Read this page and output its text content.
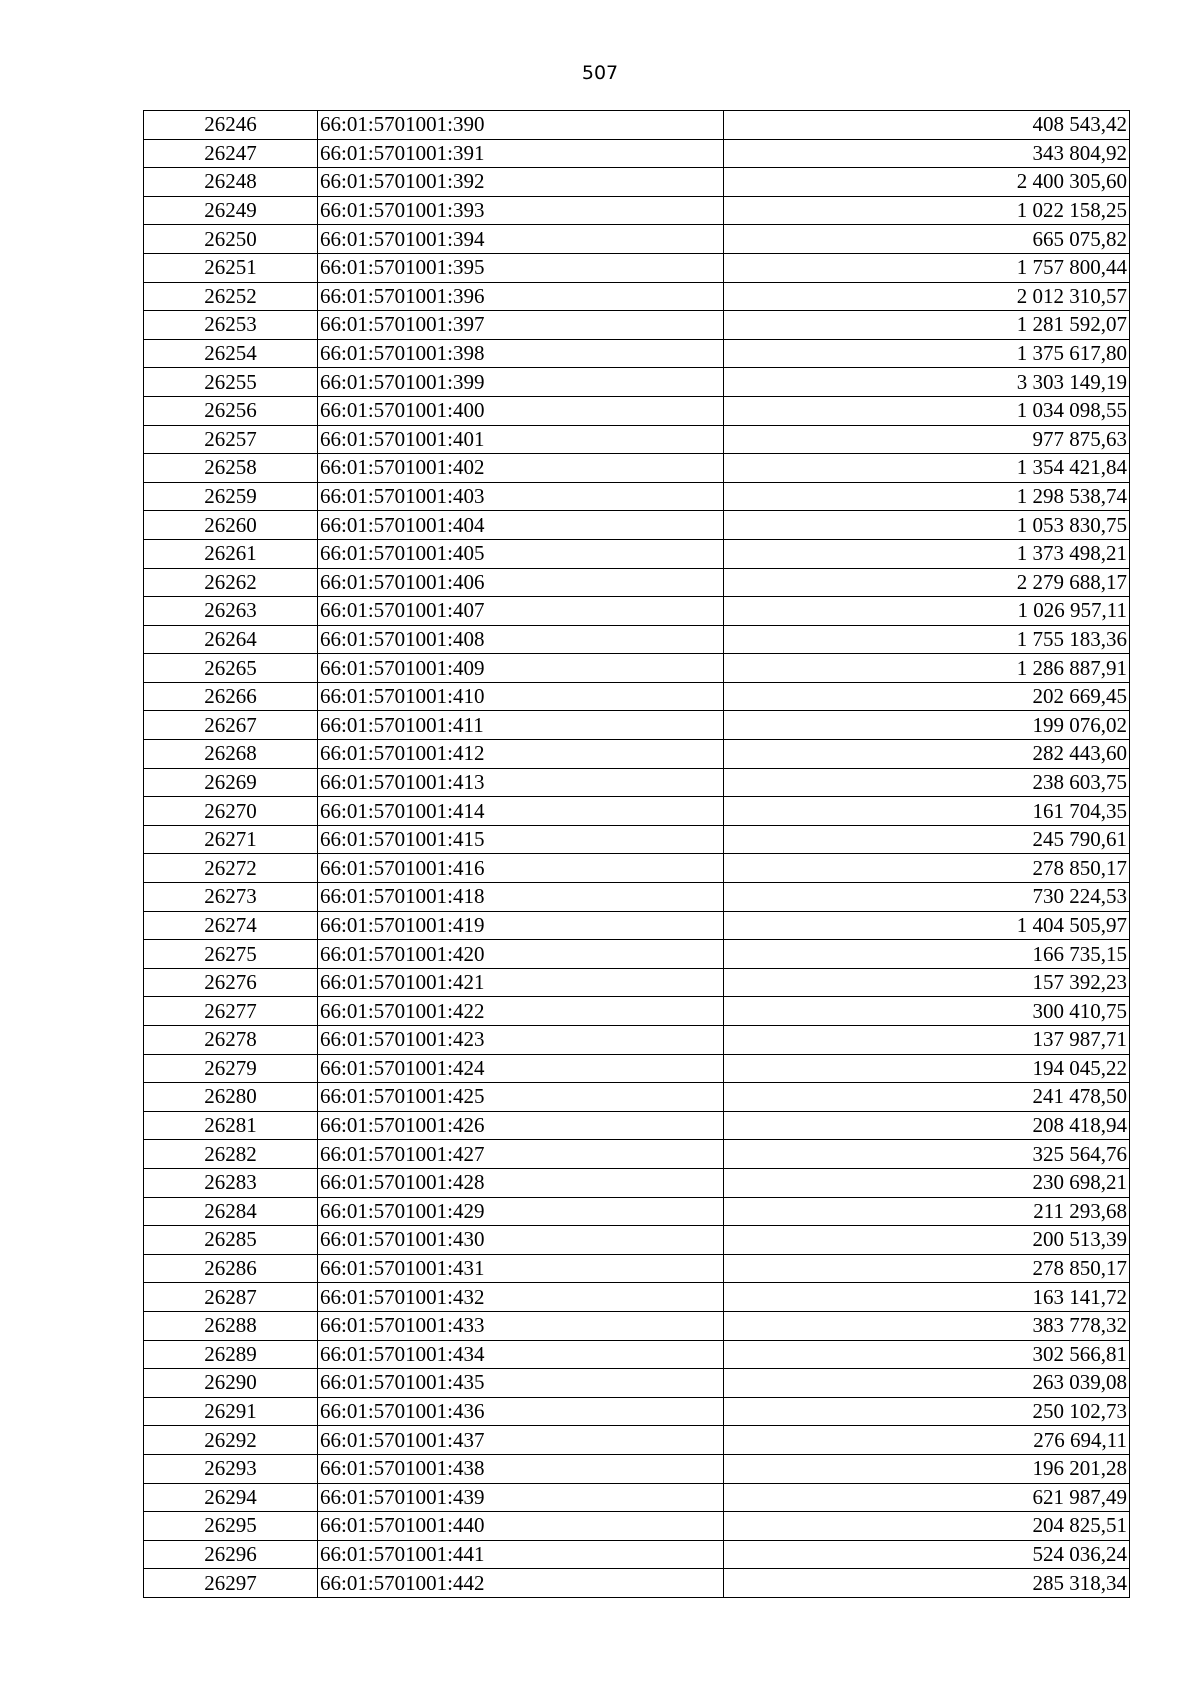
507
26246	66:01:5701001:390	408 543,42
26247	66:01:5701001:391	343 804,92
26248	66:01:5701001:392	2 400 305,60
26249	66:01:5701001:393	1 022 158,25
26250	66:01:5701001:394	665 075,82
26251	66:01:5701001:395	1 757 800,44
26252	66:01:5701001:396	2 012 310,57
26253	66:01:5701001:397	1 281 592,07
26254	66:01:5701001:398	1 375 617,80
26255	66:01:5701001:399	3 303 149,19
26256	66:01:5701001:400	1 034 098,55
26257	66:01:5701001:401	977 875,63
26258	66:01:5701001:402	1 354 421,84
26259	66:01:5701001:403	1 298 538,74
26260	66:01:5701001:404	1 053 830,75
26261	66:01:5701001:405	1 373 498,21
26262	66:01:5701001:406	2 279 688,17
26263	66:01:5701001:407	1 026 957,11
26264	66:01:5701001:408	1 755 183,36
26265	66:01:5701001:409	1 286 887,91
26266	66:01:5701001:410	202 669,45
26267	66:01:5701001:411	199 076,02
26268	66:01:5701001:412	282 443,60
26269	66:01:5701001:413	238 603,75
26270	66:01:5701001:414	161 704,35
26271	66:01:5701001:415	245 790,61
26272	66:01:5701001:416	278 850,17
26273	66:01:5701001:418	730 224,53
26274	66:01:5701001:419	1 404 505,97
26275	66:01:5701001:420	166 735,15
26276	66:01:5701001:421	157 392,23
26277	66:01:5701001:422	300 410,75
26278	66:01:5701001:423	137 987,71
26279	66:01:5701001:424	194 045,22
26280	66:01:5701001:425	241 478,50
26281	66:01:5701001:426	208 418,94
26282	66:01:5701001:427	325 564,76
26283	66:01:5701001:428	230 698,21
26284	66:01:5701001:429	211 293,68
26285	66:01:5701001:430	200 513,39
26286	66:01:5701001:431	278 850,17
26287	66:01:5701001:432	163 141,72
26288	66:01:5701001:433	383 778,32
26289	66:01:5701001:434	302 566,81
26290	66:01:5701001:435	263 039,08
26291	66:01:5701001:436	250 102,73
26292	66:01:5701001:437	276 694,11
26293	66:01:5701001:438	196 201,28
26294	66:01:5701001:439	621 987,49
26295	66:01:5701001:440	204 825,51
26296	66:01:5701001:441	524 036,24
26297	66:01:5701001:442	285 318,34
